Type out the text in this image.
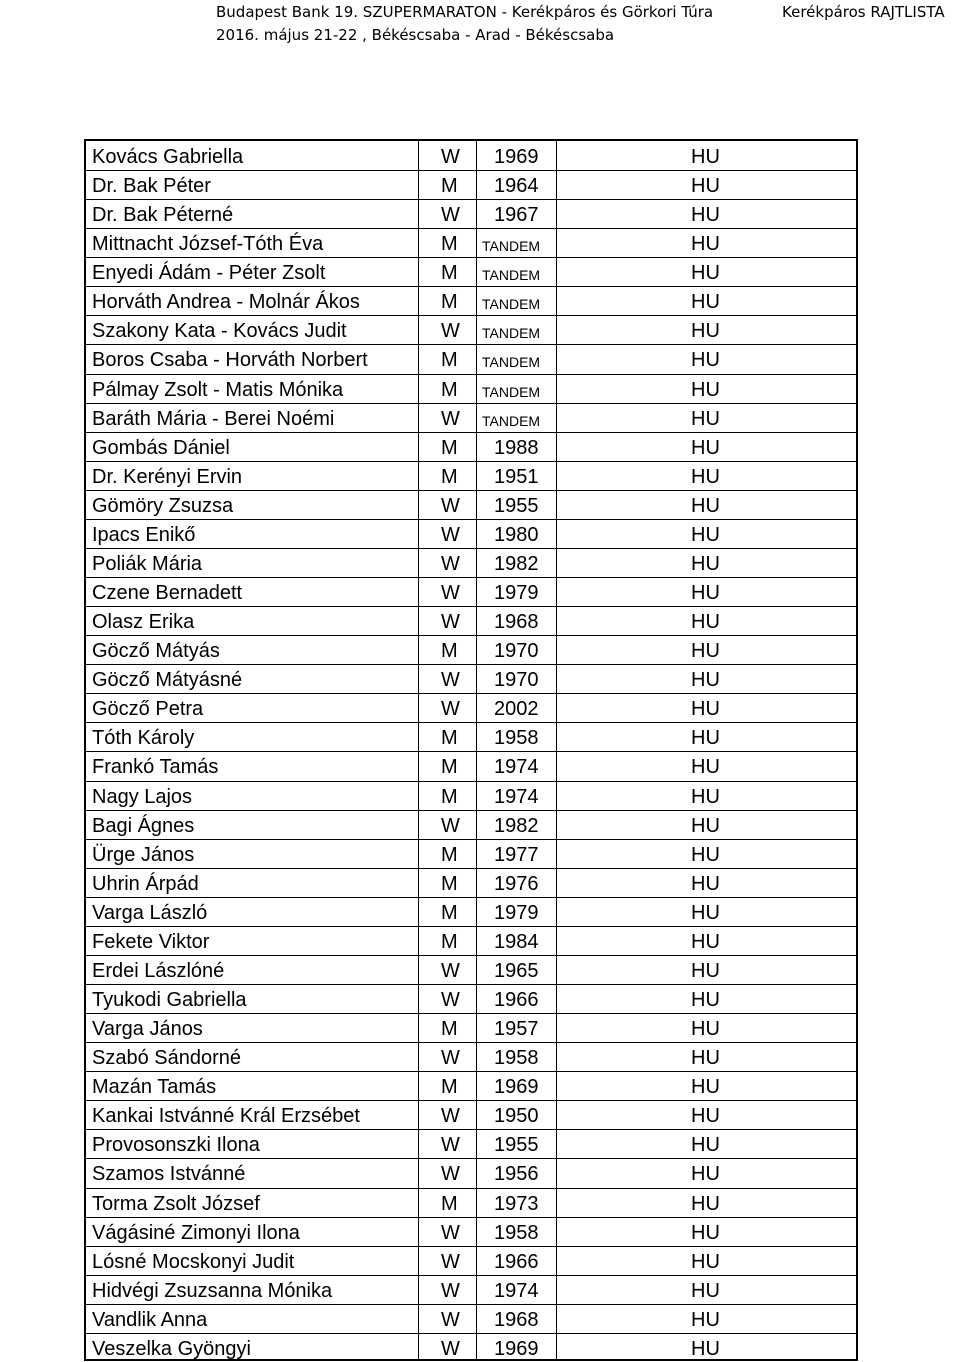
Budapest Bank 19. SZUPERMARATON - Kerékpáros és Görkori Túra
2016. május 21-22 , Békéscsaba - Arad - Békéscsaba
Kerékpáros RAJTLISTA
Kovács Gabriella	W 1969	HU
Dr. Bak Péter	M 1964	HU
Dr. Bak Péterné	W 1967	HU
Mittnacht József-Tóth Éva	M TANDEM	HU
Enyedi Ádám - Péter Zsolt	M TANDEM	HU
Horváth Andrea - Molnár Ákos	M TANDEM	HU
Szakony Kata - Kovács Judit	W TANDEM	HU
Boros Csaba - Horváth Norbert	M TANDEM	HU
Pálmay Zsolt - Matis Mónika	M TANDEM	HU
Baráth Mária - Berei Noémi	W TANDEM	HU
Gombás Dániel	M 1988	HU
Dr. Kerényi Ervin	M 1951	HU
Gömöry Zsuzsa	W 1955	HU
Ipacs Enikő	W 1980	HU
Poliák Mária	W 1982	HU
Czene Bernadett	W 1979	HU
Olasz Erika	W 1968	HU
Göcző Mátyás	M 1970	HU
Göcző Mátyásné	W 1970	HU
Göcző Petra	W 2002	HU
Tóth Károly	M 1958	HU
Frankó Tamás	M 1974	HU
Nagy Lajos	M 1974	HU
Bagi Ágnes	W 1982	HU
Ürge János	M 1977	HU
Uhrin Árpád	M 1976	HU
Varga László	M 1979	HU
Fekete Viktor	M 1984	HU
Erdei Lászlóné	W 1965	HU
Tyukodi Gabriella	W 1966	HU
Varga János	M 1957	HU
Szabó Sándorné	W 1958	HU
Mazán Tamás	M 1969	HU
Kankai Istvánné Král Erzsébet	W 1950	HU
Provosonszki Ilona	W 1955	HU
Szamos Istvánné	W 1956	HU
Torma Zsolt József	M 1973	HU
Vágásiné Zimonyi Ilona	W 1958	HU
Lósné Mocskonyi Judit	W 1966	HU
Hidvégi Zsuzsanna Mónika	W 1974	HU
Vandlik Anna	W 1968	HU
Veszelka Gyöngyi	W 1969	HU
